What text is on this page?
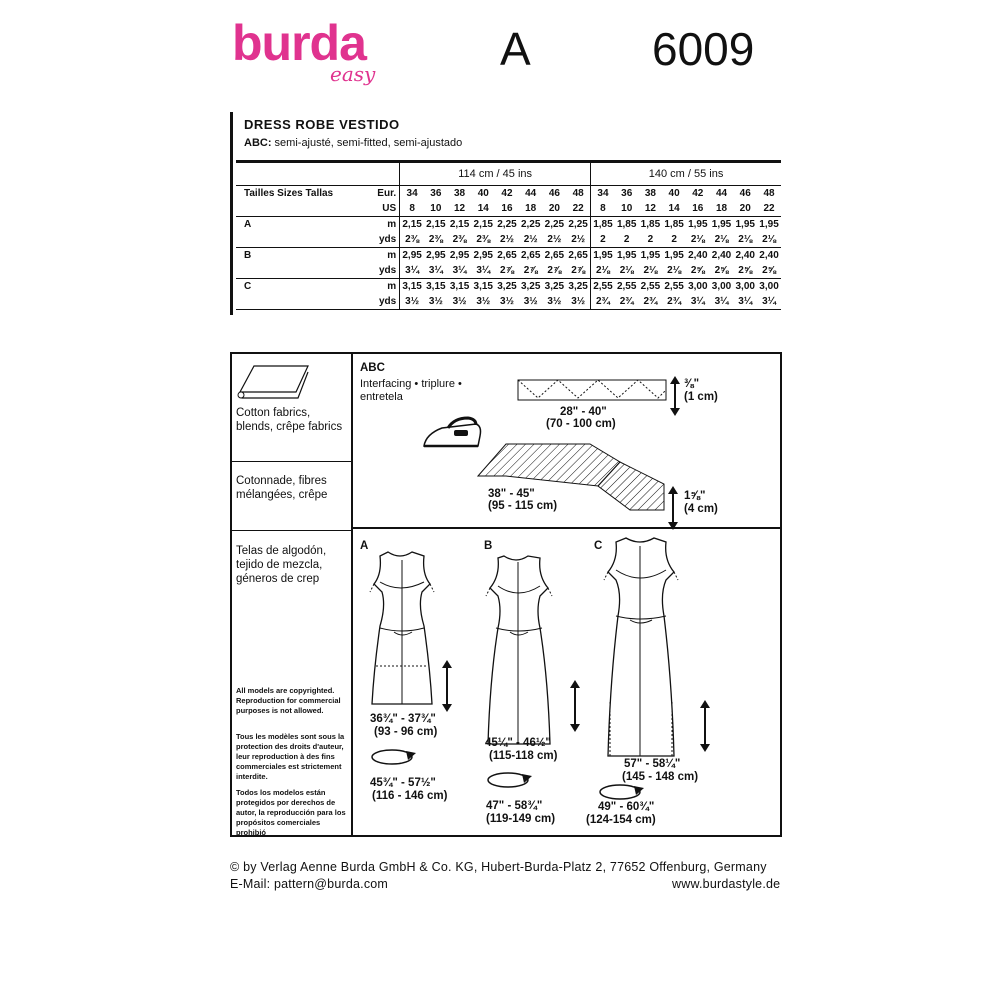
burda
easy	A	6009
DRESS ROBE VESTIDO
ABC: semi-ajusté, semi-fitted, semi-ajustado
		114 cm / 45 ins								140 cm / 55 ins							
Tailles Sizes Tallas	Eur.	34	36	38	40	42	44	46	48	34	36	38	40	42	44	46	48
	US	8	10	12	14	16	18	20	22	8	10	12	14	16	18	20	22
A	m	2,15	2,15	2,15	2,15	2,25	2,25	2,25	2,25	1,85	1,85	1,85	1,85	1,95	1,95	1,95	1,95
	yds	2⅜	2⅜	2⅜	2⅜	2½	2½	2½	2½	2	2	2	2	2⅛	2⅛	2⅛	2⅛
B	m	2,95	2,95	2,95	2,95	2,65	2,65	2,65	2,65	1,95	1,95	1,95	1,95	2,40	2,40	2,40	2,40
	yds	3¼	3¼	3¼	3¼	2⅞	2⅞	2⅞	2⅞	2⅛	2⅛	2⅛	2⅛	2⅝	2⅝	2⅝	2⅝
C	m	3,15	3,15	3,15	3,15	3,25	3,25	3,25	3,25	2,55	2,55	2,55	2,55	3,00	3,00	3,00	3,00
	yds	3½	3½	3½	3½	3½	3½	3½	3½	2¾	2¾	2¾	2¾	3¼	3¼	3¼	3¼
Cotton fabrics, blends, crêpe fabrics
Cotonnade, fibres mélangées, crêpe
Telas de algodón, tejido de mezcla, géneros de crep
All models are copyrighted. Reproduction for commercial purposes is not allowed.
Tous les modèles sont sous la protection des droits d'auteur, leur reproduction à des fins commerciales est strictement interdite.
Todos los modelos están protegidos por derechos de autor, la reproducción para los propósitos comerciales prohibió
ABC
Interfacing • triplure • entretela
⅜"
(1 cm)
28" - 40"
(70 - 100 cm)
1⅝"
(4 cm)
38" - 45"
(95 - 115 cm)
A	B	C
36¾" - 37¾"
(93 - 96 cm)
45¾" - 57½"
(116 - 146 cm)
45¼" - 46½"
(115-118 cm)
47" - 58¾"
(119-149 cm)
57" - 58¼"
(145 - 148 cm)
49" - 60¾"
(124-154 cm)
© by Verlag Aenne Burda GmbH & Co. KG, Hubert-Burda-Platz 2, 77652 Offenburg, Germany
E-Mail: pattern@burda.com	www.burdastyle.de
